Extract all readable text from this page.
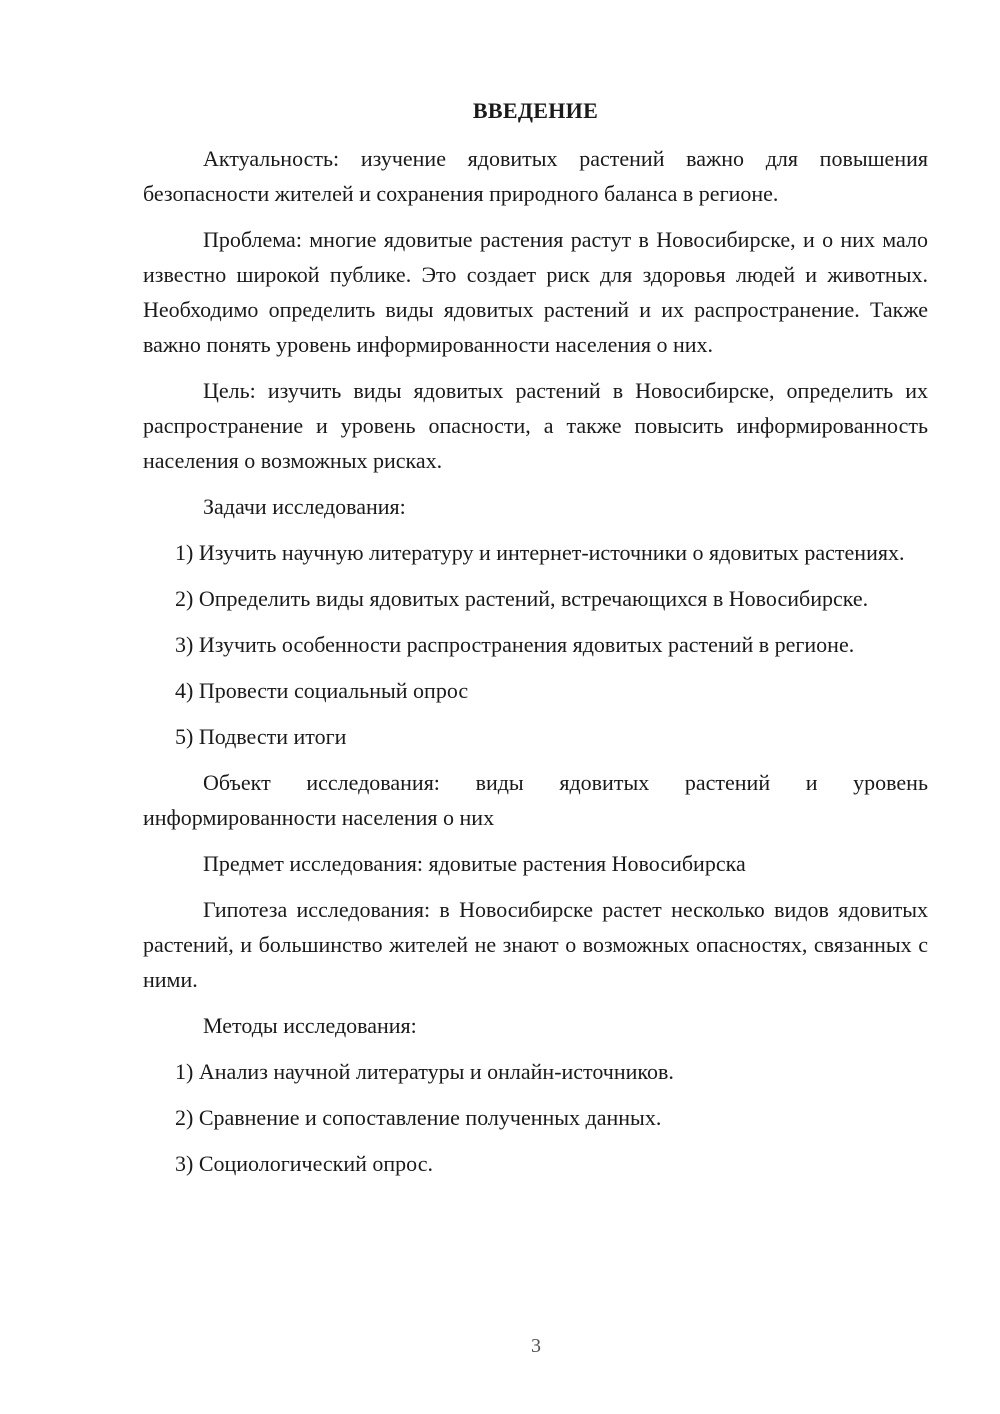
ВВЕДЕНИЕ

Актуальность: изучение ядовитых растений важно для повышения безопасности жителей и сохранения природного баланса в регионе.

Проблема: многие ядовитые растения растут в Новосибирске, и о них мало известно широкой публике. Это создает риск для здоровья людей и животных. Необходимо определить виды ядовитых растений и их распространение. Также важно понять уровень информированности населения о них.

Цель: изучить виды ядовитых растений в Новосибирске, определить их распространение и уровень опасности, а также повысить информированность населения о возможных рисках.

Задачи исследования:

1) Изучить научную литературу и интернет-источники о ядовитых растениях.

2) Определить виды ядовитых растений, встречающихся в Новосибирске.

3) Изучить особенности распространения ядовитых растений в регионе.

4) Провести социальный опрос

5) Подвести итоги

Объект исследования: виды ядовитых растений и уровень информированности населения о них

Предмет исследования: ядовитые растения Новосибирска

Гипотеза исследования: в Новосибирске растет несколько видов ядовитых растений, и большинство жителей не знают о возможных опасностях, связанных с ними.

Методы исследования:

1) Анализ научной литературы и онлайн-источников.

2) Сравнение и сопоставление полученных данных.

3) Социологический опрос.

3
